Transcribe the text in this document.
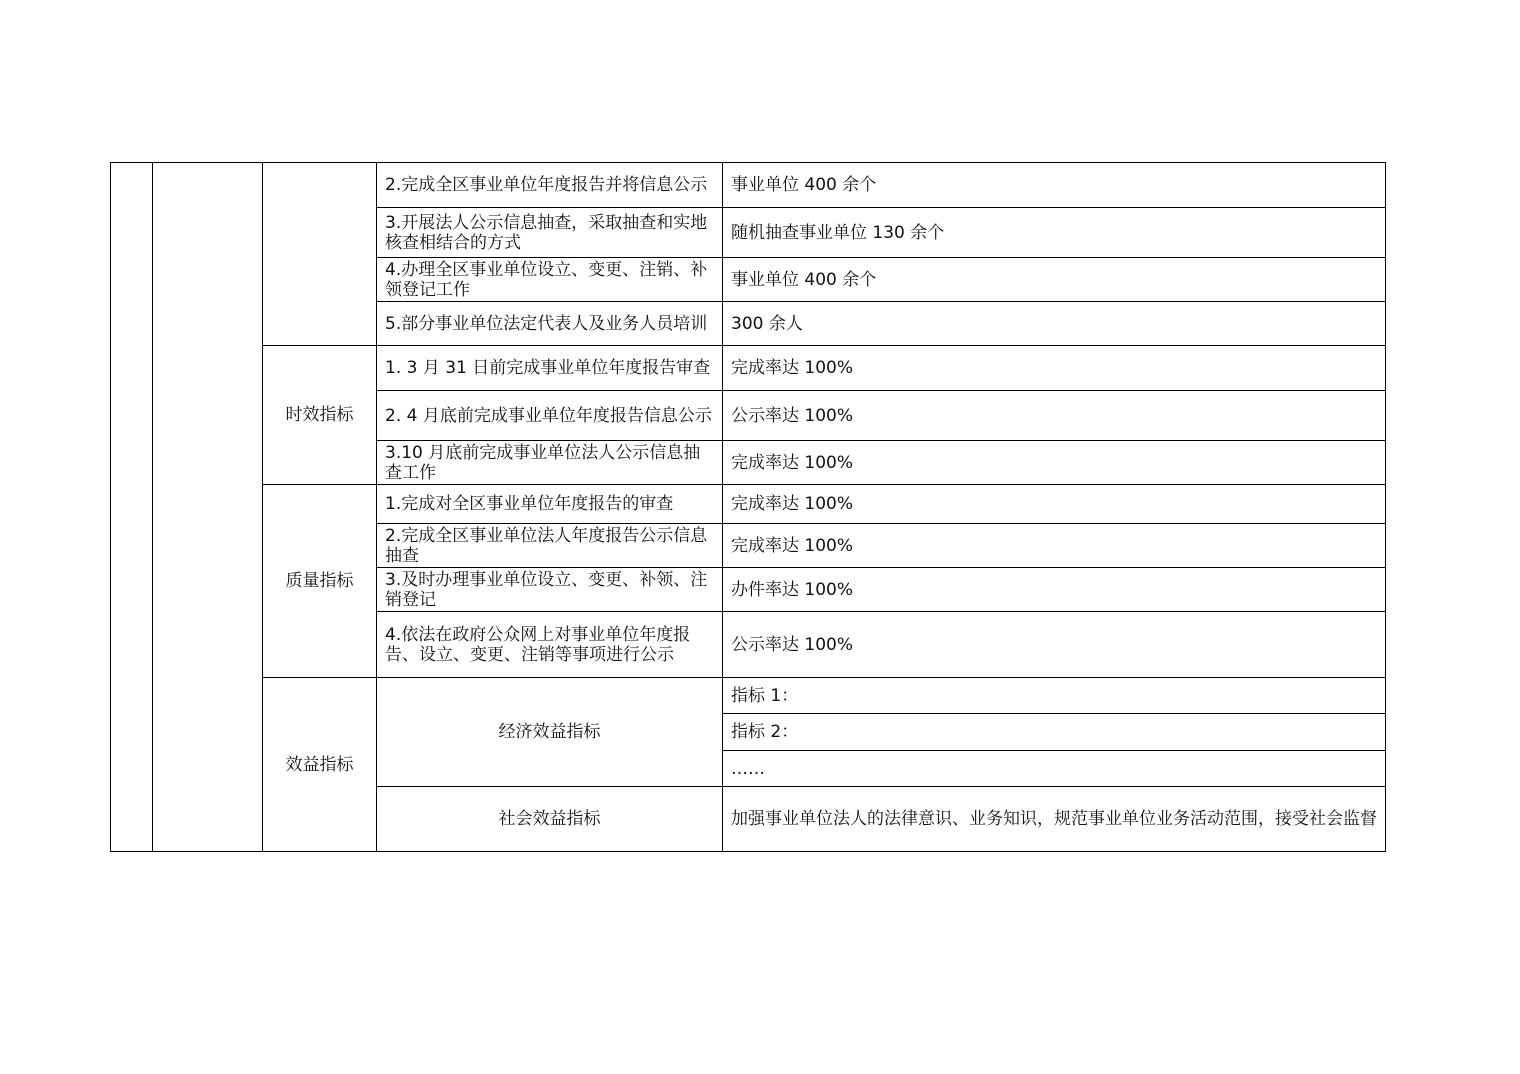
			2.完成全区事业单位年度报告并将信息公示	事业单位 400 余个	
			3.开展法人公示信息抽查，采取抽查和实地核查相结合的方式	随机抽查事业单位 130 余个	
			4.办理全区事业单位设立、变更、注销、补领登记工作	事业单位 400 余个	
			5.部分事业单位法定代表人及业务人员培训	300 余人	
		时效指标	1. 3 月 31 日前完成事业单位年度报告审查	完成率达 100%	
			2. 4 月底前完成事业单位年度报告信息公示	公示率达 100%	
			3.10 月底前完成事业单位法人公示信息抽查工作	完成率达 100%	
		质量指标	1.完成对全区事业单位年度报告的审查	完成率达 100%	
			2.完成全区事业单位法人年度报告公示信息抽查	完成率达 100%	
			3.及时办理事业单位设立、变更、补领、注销登记	办件率达 100%	
			4.依法在政府公众网上对事业单位年度报告、设立、变更、注销等事项进行公示	公示率达 100%	
		效益指标	经济效益指标	指标 1：	
				指标 2：	
				……	
			社会效益指标	加强事业单位法人的法律意识、业务知识，规范事业单位业务活动范围，接受社会监督	
